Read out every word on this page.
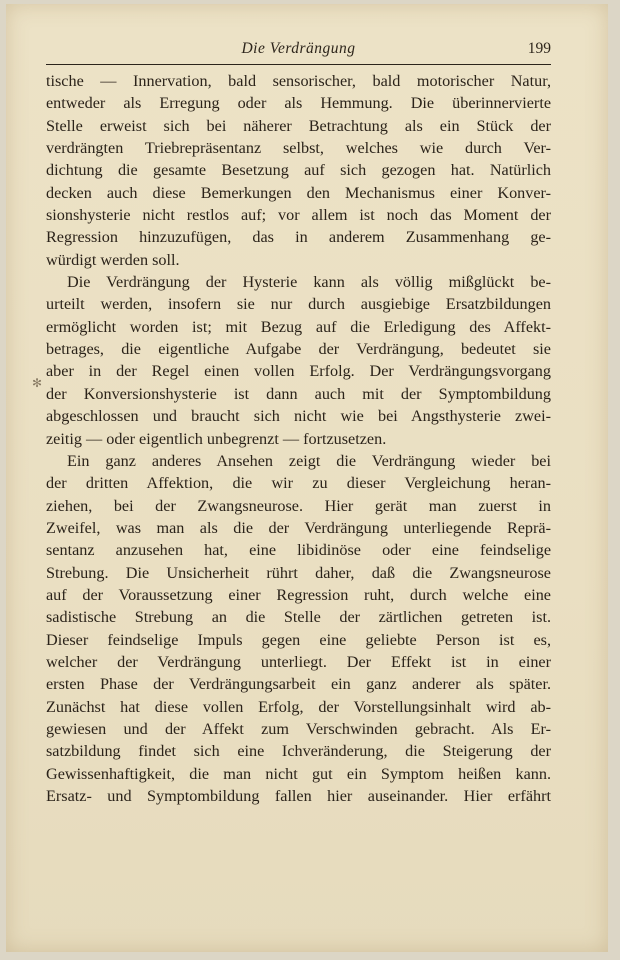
Die Verdrängung	199
✻
tische — Innervation, bald sensorischer, bald motorischer Natur,
entweder als Erregung oder als Hemmung. Die überinnervierte
Stelle erweist sich bei näherer Betrachtung als ein Stück der
verdrängten Triebrepräsentanz selbst, welches wie durch Ver-
dichtung die gesamte Besetzung auf sich gezogen hat. Natürlich
decken auch diese Bemerkungen den Mechanismus einer Konver-
sionshysterie nicht restlos auf; vor allem ist noch das Moment der
Regression hinzuzufügen, das in anderem Zusammenhang ge-
würdigt werden soll.
Die Verdrängung der Hysterie kann als völlig mißglückt be-
urteilt werden, insofern sie nur durch ausgiebige Ersatzbildungen
ermöglicht worden ist; mit Bezug auf die Erledigung des Affekt-
betrages, die eigentliche Aufgabe der Verdrängung, bedeutet sie
aber in der Regel einen vollen Erfolg. Der Verdrängungsvorgang
der Konversionshysterie ist dann auch mit der Symptombildung
abgeschlossen und braucht sich nicht wie bei Angsthysterie zwei-
zeitig — oder eigentlich unbegrenzt — fortzusetzen.
Ein ganz anderes Ansehen zeigt die Verdrängung wieder bei
der dritten Affektion, die wir zu dieser Vergleichung heran-
ziehen, bei der Zwangsneurose. Hier gerät man zuerst in
Zweifel, was man als die der Verdrängung unterliegende Reprä-
sentanz anzusehen hat, eine libidinöse oder eine feindselige
Strebung. Die Unsicherheit rührt daher, daß die Zwangsneurose
auf der Voraussetzung einer Regression ruht, durch welche eine
sadistische Strebung an die Stelle der zärtlichen getreten ist.
Dieser feindselige Impuls gegen eine geliebte Person ist es,
welcher der Verdrängung unterliegt. Der Effekt ist in einer
ersten Phase der Verdrängungsarbeit ein ganz anderer als später.
Zunächst hat diese vollen Erfolg, der Vorstellungsinhalt wird ab-
gewiesen und der Affekt zum Verschwinden gebracht. Als Er-
satzbildung findet sich eine Ichveränderung, die Steigerung der
Gewissenhaftigkeit, die man nicht gut ein Symptom heißen kann.
Ersatz- und Symptombildung fallen hier auseinander. Hier erfährt
